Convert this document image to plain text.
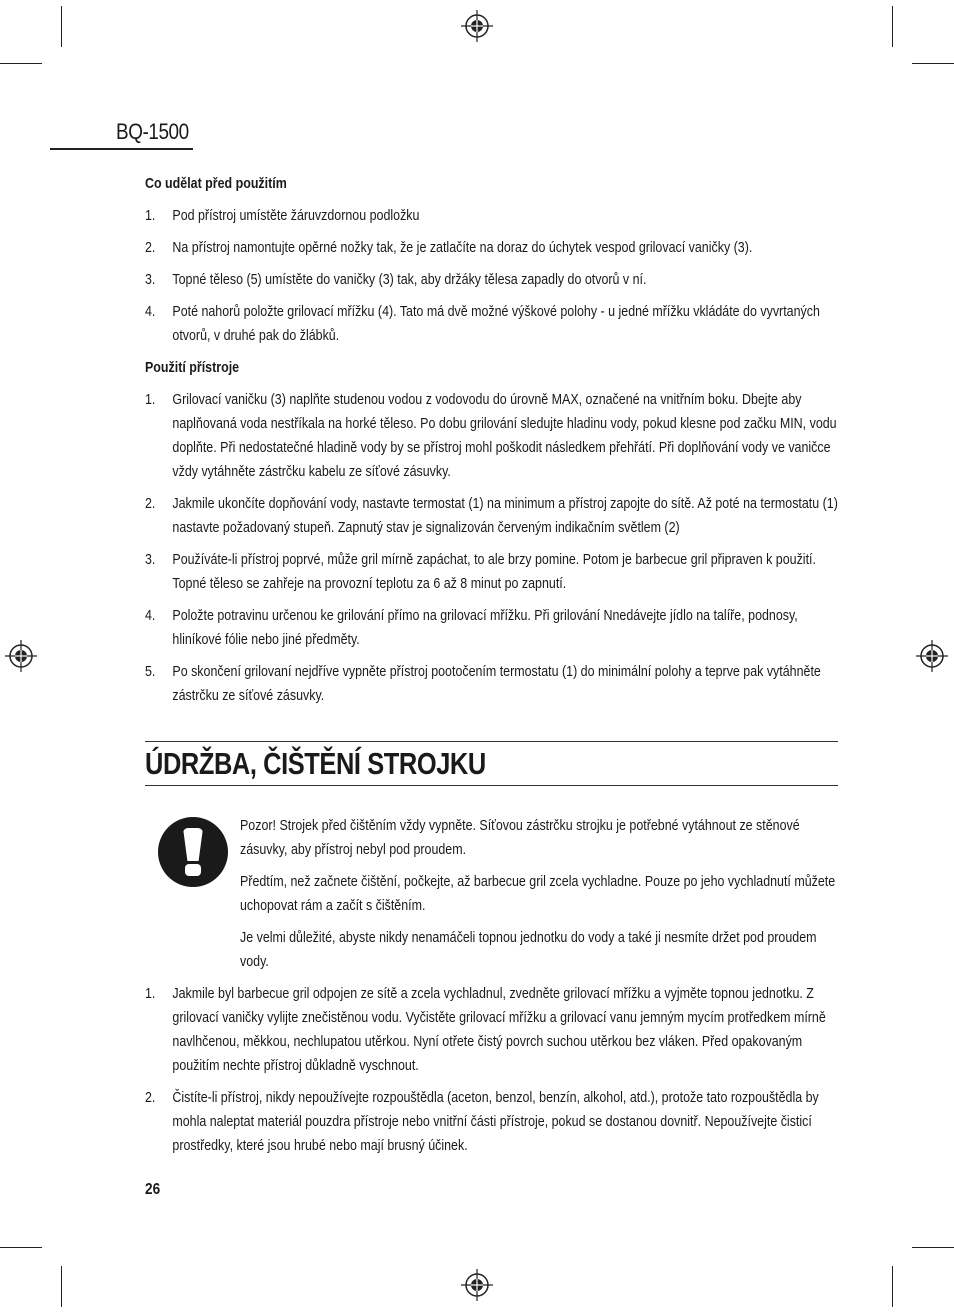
BQ-1500

Co udělat před použitím

1. Pod přístroj umístěte žáruvzdornou podložku
2. Na přístroj namontujte opěrné nožky tak, že je zatlačíte na doraz do úchytek vespod grilovací vaničky (3).
3. Topné těleso (5) umístěte do vaničky (3) tak, aby držáky tělesa zapadly do otvorů v ní.
4. Poté nahorů položte grilovací mřížku (4). Tato má dvě možné výškové polohy - u jedné mřížku vkládáte do vyvrtaných otvorů, v druhé pak do žlábků.

Použití přístroje

1. Grilovací vaničku (3) naplňte studenou vodou z vodovodu do úrovně MAX, označené na vnitřním boku. Dbejte aby naplňovaná voda nestříkala na horké těleso. Po dobu grilování sledujte hladinu vody, pokud klesne pod začku MIN, vodu doplňte. Při nedostatečné hladině vody by se přístroj mohl poškodit následkem přehřátí. Při doplňování vody ve vaničce vždy vytáhněte zástrčku kabelu ze síťové zásuvky.
2. Jakmile ukončíte dopňování vody, nastavte termostat (1) na minimum a přístroj zapojte do sítě. Až poté na termostatu (1) nastavte požadovaný stupeň. Zapnutý stav je signalizován červeným indikačním světlem (2)
3. Používáte-li přístroj poprvé, může gril mírně zapáchat, to ale brzy pomine. Potom je barbecue gril připraven k použití. Topné těleso se zahřeje na provozní teplotu za 6 až 8 minut po zapnutí.
4. Položte potravinu určenou ke grilování přímo na grilovací mřížku. Při grilování Nnedávejte jídlo na talíře, podnosy, hliníkové fólie nebo jiné předměty.
5. Po skončení grilovaní nejdříve vypněte přístroj pootočením termostatu (1) do minimální polohy a teprve pak vytáhněte zástrčku ze síťové zásuvky.
ÚDRŽBA, ČIŠTĚNÍ STROJKU

Pozor! Strojek před čištěním vždy vypněte. Síťovou zástrčku strojku je potřebné vytáhnout ze stěnové zásuvky, aby přístroj nebyl pod proudem.

Předtím, než začnete čištění, počkejte, až barbecue gril zcela vychladne. Pouze po jeho vychladnutí můžete uchopovat rám a začít s čištěním.

Je velmi důležité, abyste nikdy nenamáčeli topnou jednotku do vody a také ji nesmíte držet pod proudem vody.

1. Jakmile byl barbecue gril odpojen ze sítě a zcela vychladnul, zvedněte grilovací mřížku a vyjměte topnou jednotku. Z grilovací vaničky vylijte znečistěnou vodu. Vyčistěte grilovací mřížku a grilovací vanu jemným mycím protředkem mírně navlhčenou, měkkou, nechlupatou utěrkou. Nyní otřete čistý povrch suchou utěrkou bez vláken. Před opakovaným použitím nechte přístroj důkladně vyschnout.
2. Čistíte-li přístroj, nikdy nepoužívejte rozpouštědla (aceton, benzol, benzín, alkohol, atd.), protože tato rozpouštědla by mohla naleptat materiál pouzdra přístroje nebo vnitřní části přístroje, pokud se dostanou dovnitř. Nepoužívejte čisticí prostředky, které jsou hrubé nebo mají brusný účinek.
26
